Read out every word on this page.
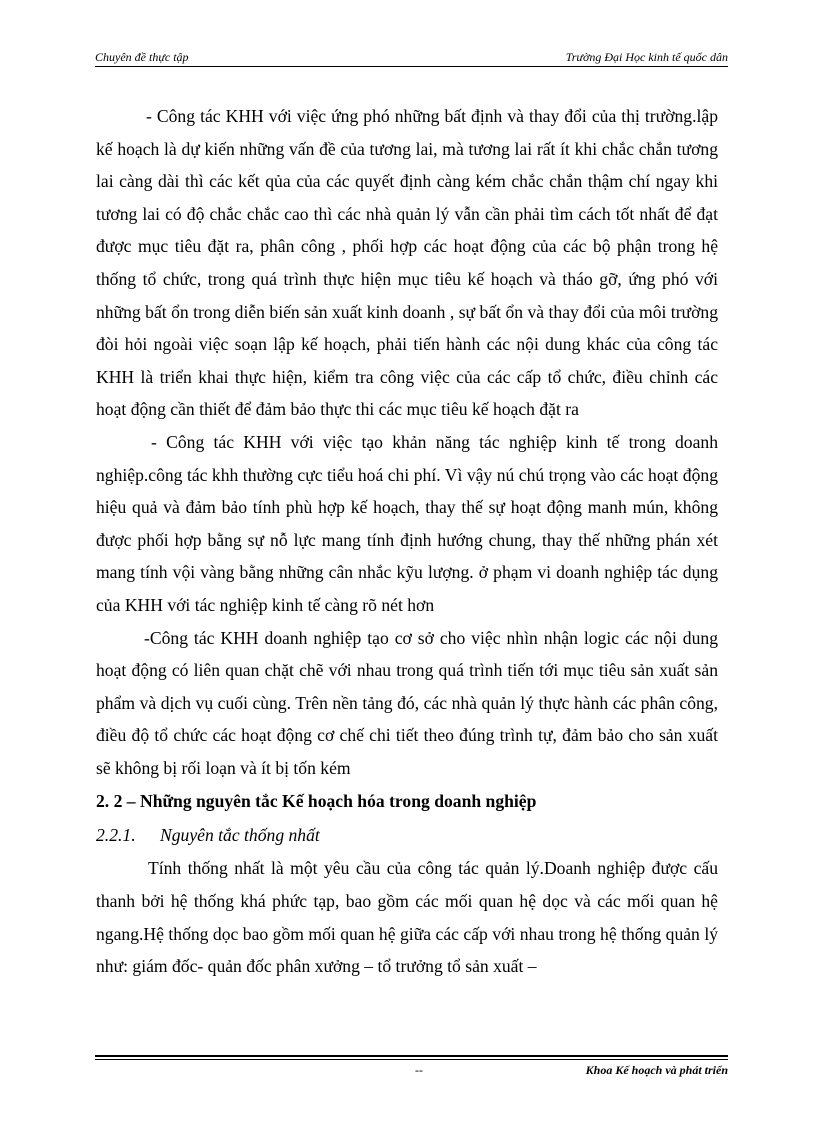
Chuyên đề thực tập	Trường Đại Học kinh tế quốc dân

- Công tác KHH với việc ứng phó những bất định và thay đổi của thị trường.lập kế hoạch là dự kiến những vấn đề của tương lai, mà tương lai rất ít khi chắc chắn tương lai càng dài thì các kết qủa của các quyết định càng kém chắc chắn thậm chí ngay khi tương lai có độ chắc chắc cao thì các nhà quản lý vẫn cần phải tìm cách tốt nhất để đạt được mục tiêu đặt ra, phân công , phối hợp các hoạt động của các bộ phận trong hệ thống tổ chức, trong quá trình thực hiện mục tiêu kế hoạch và tháo gỡ, ứng phó với những bất ổn trong diễn biến sản xuất kinh doanh , sự bất ổn và thay đổi của môi trường đòi hỏi ngoài việc soạn lập kế hoạch, phải tiến hành các nội dung khác của công tác KHH là triển khai thực hiện, kiểm tra công việc của các cấp tổ chức, điều chỉnh các hoạt động cần thiết để đảm bảo thực thi các mục tiêu kế hoạch đặt ra

- Công tác KHH với việc tạo khản năng tác nghiệp kinh tế trong doanh nghiệp.công tác khh thường cực tiểu hoá chi phí. Vì vậy nú chú trọng vào các hoạt động hiệu quả và đảm bảo tính phù hợp kế hoạch, thay thế sự hoạt động manh mún, không được phối hợp bằng sự nỗ lực mang tính định hướng chung, thay thế những phán xét mang tính vội vàng bằng những cân nhắc kỹu lượng. ở phạm vi doanh nghiệp tác dụng của KHH với tác nghiệp kinh tế càng rõ nét hơn

-Công tác KHH doanh nghiệp tạo cơ sở cho việc nhìn nhận logic các nội dung hoạt động có liên quan chặt chẽ với nhau trong quá trình tiến tới mục tiêu sản xuất sản phẩm và dịch vụ cuối cùng. Trên nền tảng đó, các nhà quản lý thực hành các phân công, điều độ tổ chức các hoạt động cơ chế chi tiết theo đúng trình tự, đảm bảo cho sản xuất sẽ không bị rối loạn và ít bị tốn kém

2. 2 – Những nguyên tắc Kế hoạch hóa trong doanh nghiệp

2.2.1. Nguyên tắc thống nhất

Tính thống nhất là một yêu cầu của công tác quản lý.Doanh nghiệp được cấu thanh bởi hệ thống khá phức tạp, bao gồm các mối quan hệ dọc và các mối quan hệ ngang.Hệ thống dọc bao gồm mối quan hệ giữa các cấp với nhau trong hệ thống quản lý như: giám đốc- quản đốc phân xưởng – tổ trưởng tổ sản xuất –

--	Khoa Kế hoạch và phát triển
